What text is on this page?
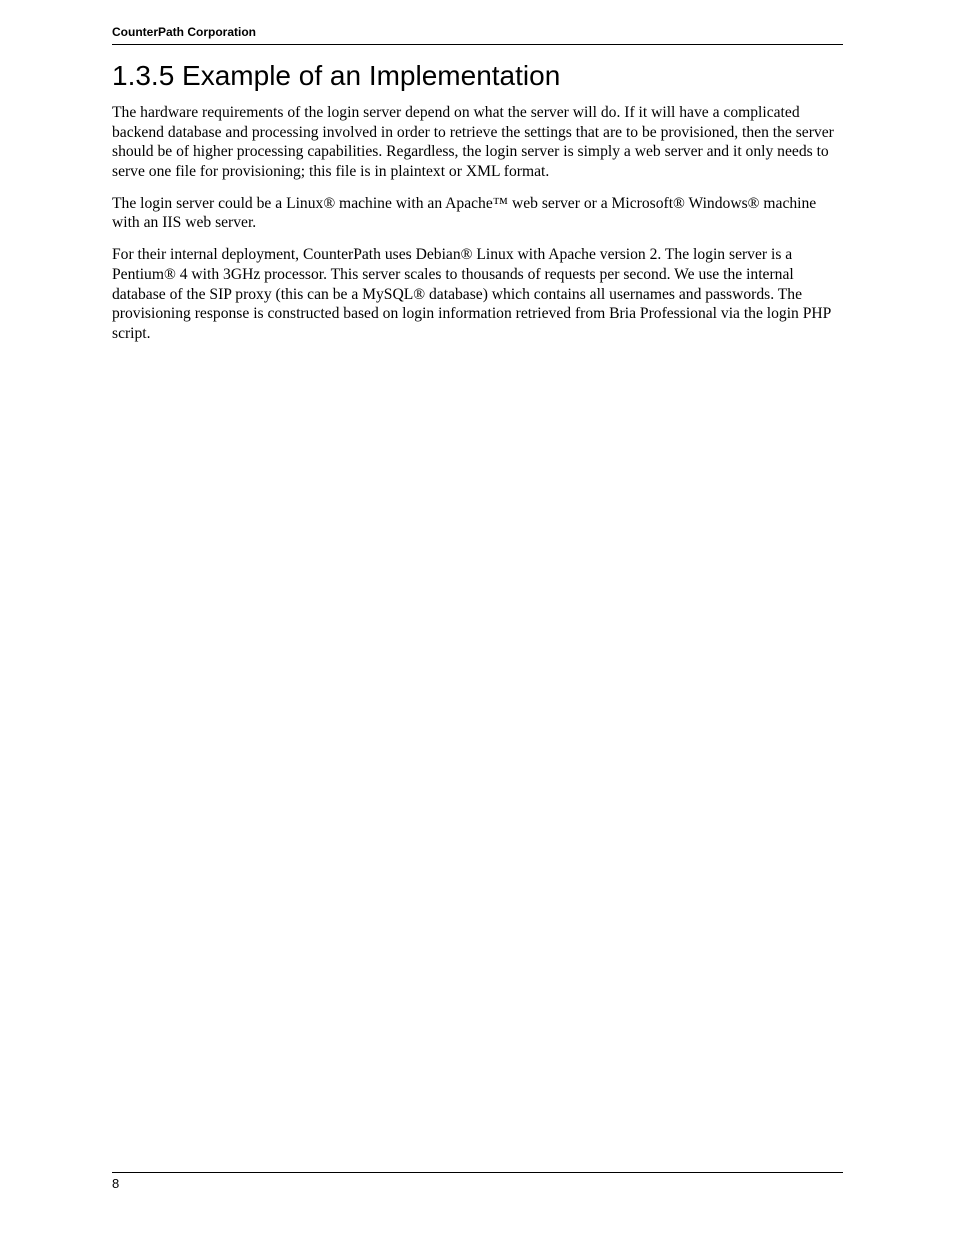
CounterPath Corporation
1.3.5 Example of an Implementation

The hardware requirements of the login server depend on what the server will do. If it will have a complicated backend database and processing involved in order to retrieve the settings that are to be provisioned, then the server should be of higher processing capabilities. Regardless, the login server is simply a web server and it only needs to serve one file for provisioning; this file is in plaintext or XML format.

The login server could be a Linux® machine with an Apache™ web server or a Microsoft® Windows® machine with an IIS web server.

For their internal deployment, CounterPath uses Debian® Linux with Apache version 2. The login server is a Pentium® 4 with 3GHz processor. This server scales to thousands of requests per second. We use the internal database of the SIP proxy (this can be a MySQL® database) which contains all usernames and passwords. The provisioning response is constructed based on login information retrieved from Bria Professional via the login PHP script.

8
